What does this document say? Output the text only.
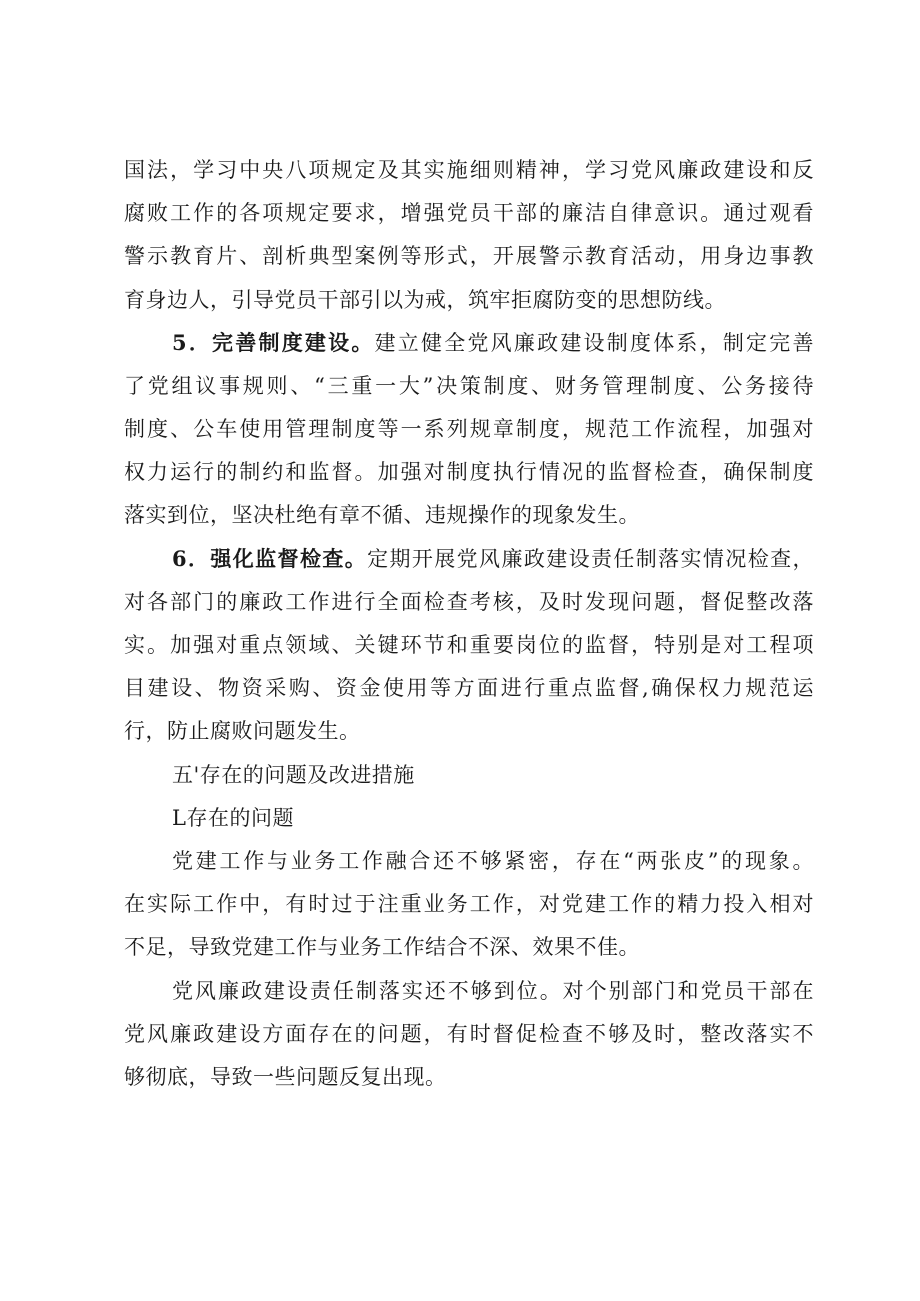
国法，学习中央八项规定及其实施细则精神，学习党风廉政建设和反
腐败工作的各项规定要求，增强党员干部的廉洁自律意识。通过观看
警示教育片、剖析典型案例等形式，开展警示教育活动，用身边事教
育身边人，引导党员干部引以为戒，筑牢拒腐防变的思想防线。
5．完善制度建设。建立健全党风廉政建设制度体系，制定完善
了党组议事规则、“三重一大”决策制度、财务管理制度、公务接待
制度、公车使用管理制度等一系列规章制度，规范工作流程，加强对
权力运行的制约和监督。加强对制度执行情况的监督检查，确保制度
落实到位，坚决杜绝有章不循、违规操作的现象发生。
6．强化监督检查。定期开展党风廉政建设责任制落实情况检查，
对各部门的廉政工作进行全面检查考核，及时发现问题，督促整改落
实。加强对重点领域、关键环节和重要岗位的监督，特别是对工程项
目建设、物资采购、资金使用等方面进行重点监督,确保权力规范运
行，防止腐败问题发生。
五'存在的问题及改进措施
L存在的问题
党建工作与业务工作融合还不够紧密，存在“两张皮”的现象。
在实际工作中，有时过于注重业务工作，对党建工作的精力投入相对
不足，导致党建工作与业务工作结合不深、效果不佳。
党风廉政建设责任制落实还不够到位。对个别部门和党员干部在
党风廉政建设方面存在的问题，有时督促检查不够及时，整改落实不
够彻底，导致一些问题反复出现。
